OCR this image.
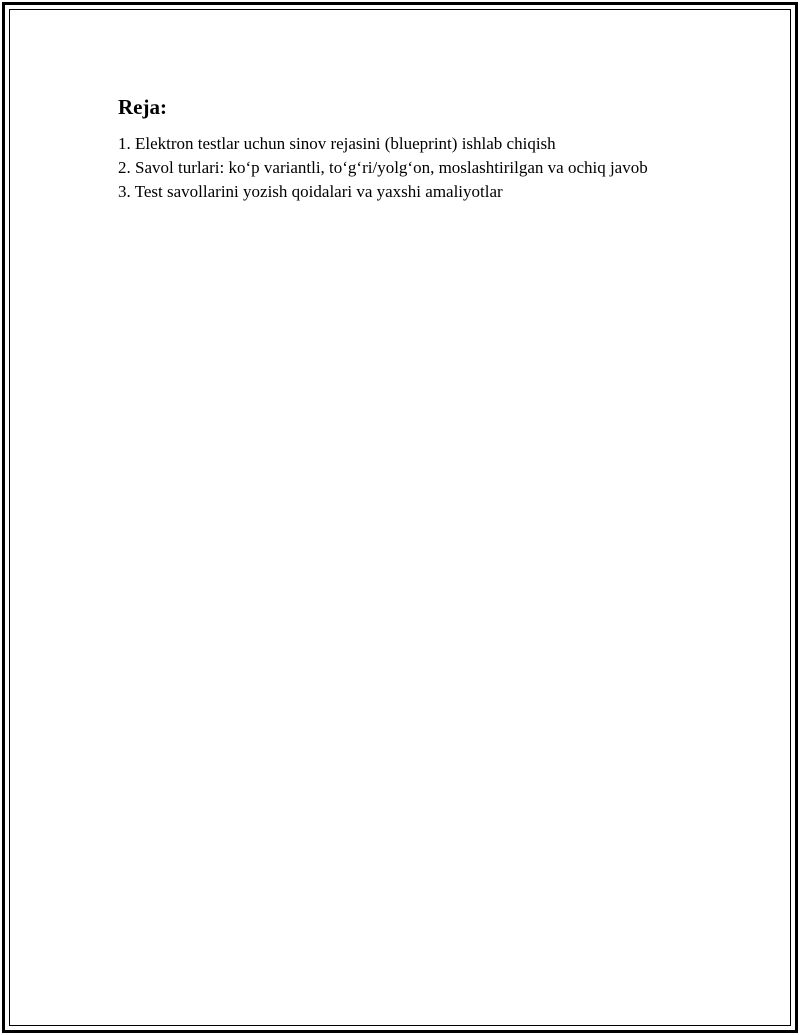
Reja:
1. Elektron testlar uchun sinov rejasini (blueprint) ishlab chiqish
2. Savol turlari: ko‘p variantli, to‘g‘ri/yolg‘on, moslashtirilgan va ochiq javob
3. Test savollarini yozish qoidalari va yaxshi amaliyotlar
